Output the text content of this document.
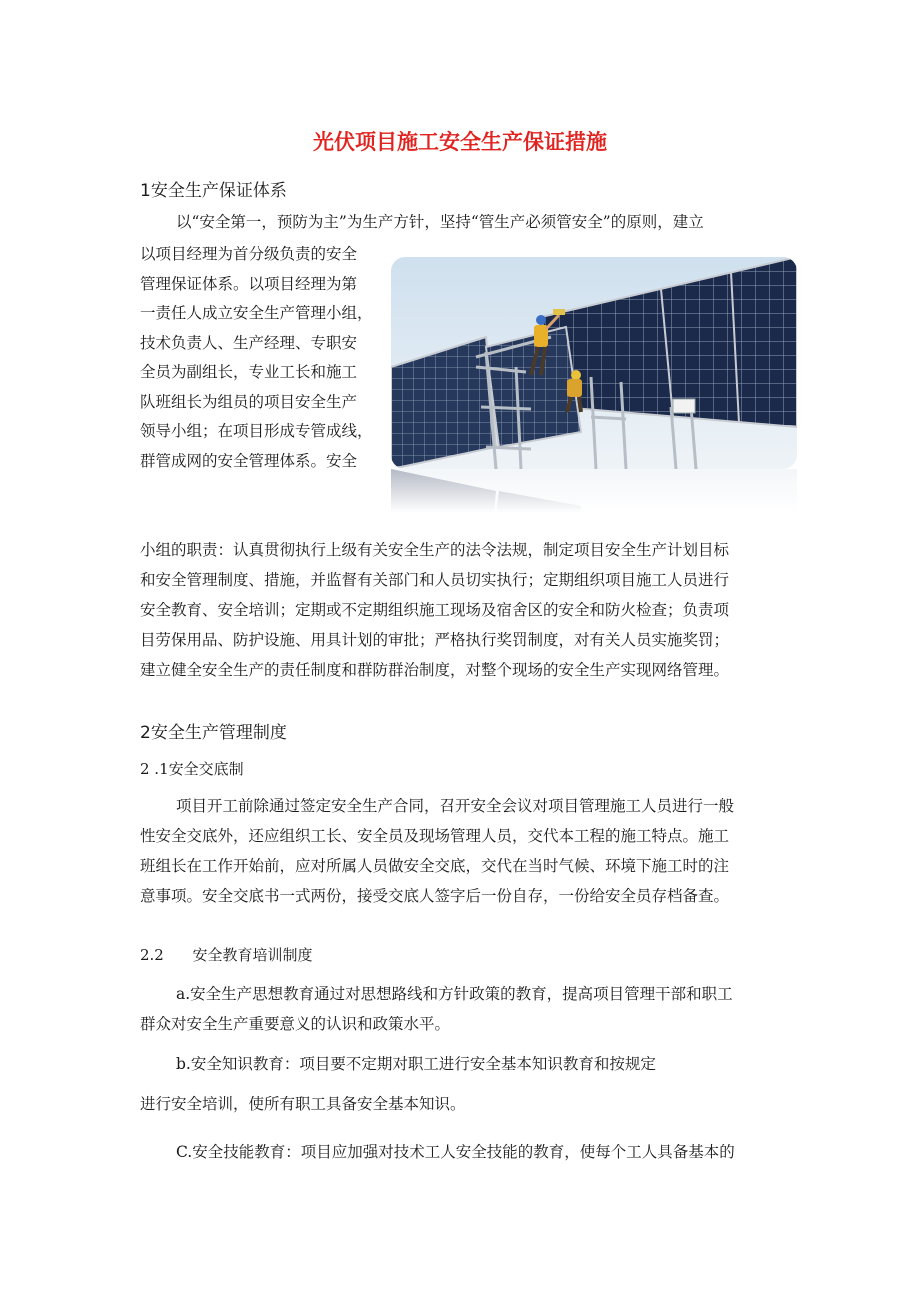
光伏项目施工安全生产保证措施
1安全生产保证体系
以“安全第一，预防为主”为生产方针，坚持“管生产必须管安全”的原则，建立
以项目经理为首分级负责的安全
管理保证体系。以项目经理为第
一责任人成立安全生产管理小组，
技术负责人、生产经理、专职安
全员为副组长，专业工长和施工
队班组长为组员的项目安全生产
领导小组；在项目形成专管成线，
群管成网的安全管理体系。安全
小组的职责：认真贯彻执行上级有关安全生产的法令法规，制定项目安全生产计划目标
和安全管理制度、措施，并监督有关部门和人员切实执行；定期组织项目施工人员进行
安全教育、安全培训；定期或不定期组织施工现场及宿舍区的安全和防火检查；负责项
目劳保用品、防护设施、用具计划的审批；严格执行奖罚制度，对有关人员实施奖罚；
建立健全安全生产的责任制度和群防群治制度，对整个现场的安全生产实现网络管理。
2安全生产管理制度
2 .1安全交底制
项目开工前除通过签定安全生产合同，召开安全会议对项目管理施工人员进行一般
性安全交底外，还应组织工长、安全员及现场管理人员，交代本工程的施工特点。施工
班组长在工作开始前，应对所属人员做安全交底，交代在当时气候、环境下施工时的注
意事项。安全交底书一式两份，接受交底人签字后一份自存，一份给安全员存档备查。
2.2      安全教育培训制度
a.安全生产思想教育通过对思想路线和方针政策的教育，提高项目管理干部和职工
群众对安全生产重要意义的认识和政策水平。
b.安全知识教育：项目要不定期对职工进行安全基本知识教育和按规定
进行安全培训，使所有职工具备安全基本知识。
C.安全技能教育：项目应加强对技术工人安全技能的教育，使每个工人具备基本的
